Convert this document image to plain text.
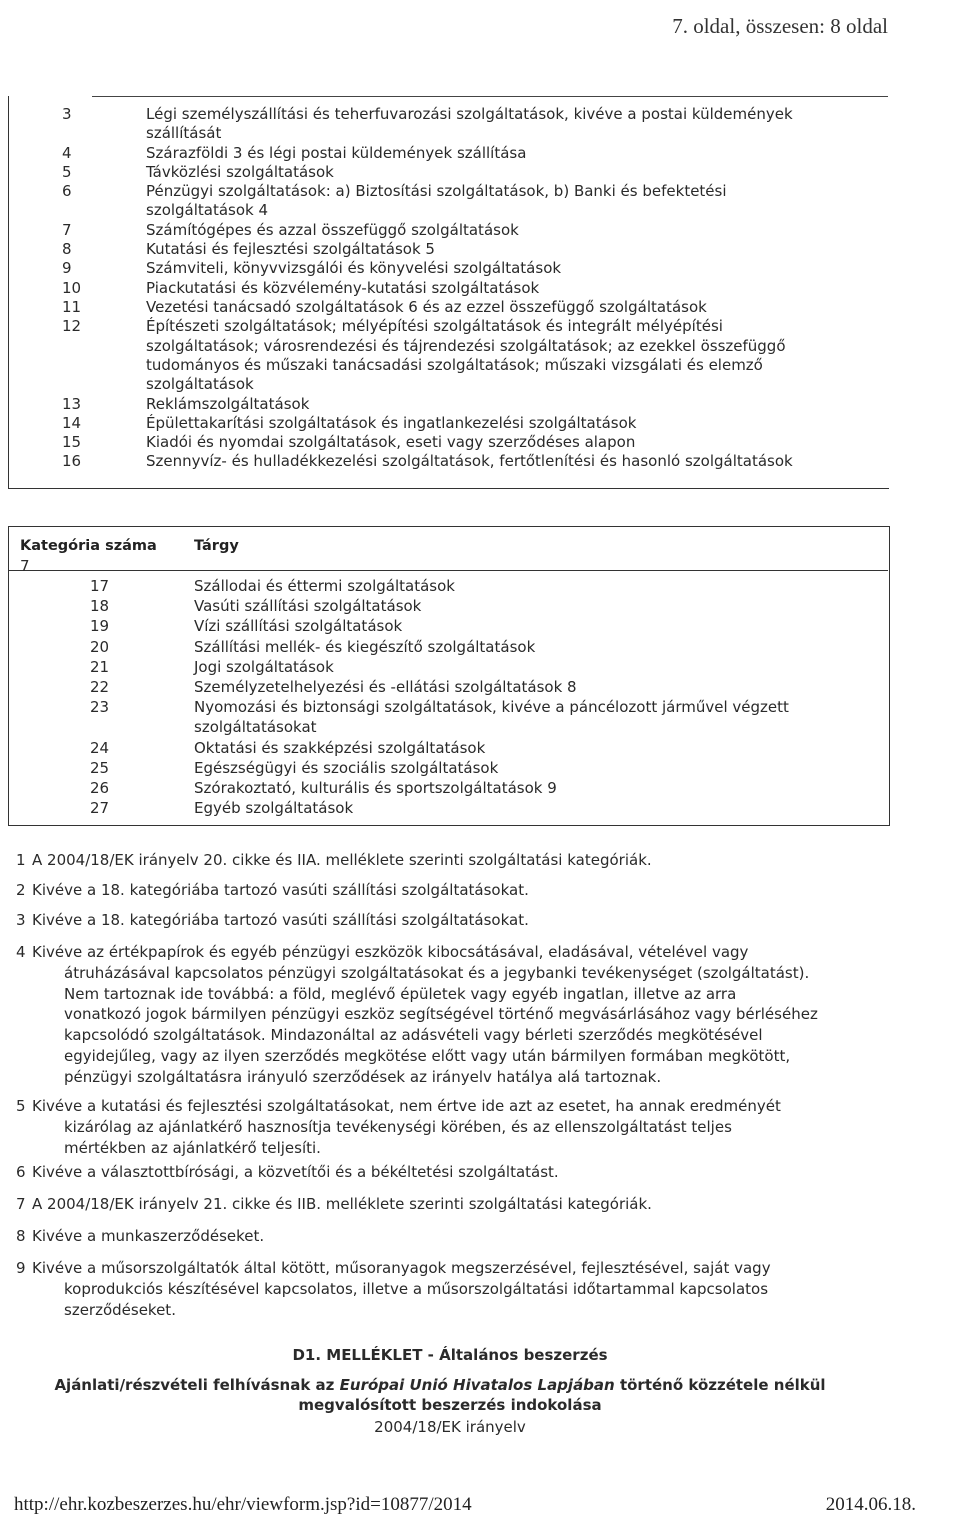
7. oldal, összesen: 8 oldal
3	Légi személyszállítási és teherfuvarozási szolgáltatások, kivéve a postai küldemények
szállítását
4	Szárazföldi 3 és légi postai küldemények szállítása
5	Távközlési szolgáltatások
6	Pénzügyi szolgáltatások: a) Biztosítási szolgáltatások, b) Banki és befektetési
szolgáltatások 4
7	Számítógépes és azzal összefüggő szolgáltatások
8	Kutatási és fejlesztési szolgáltatások 5
9	Számviteli, könyvvizsgálói és könyvelési szolgáltatások
10	Piackutatási és közvélemény-kutatási szolgáltatások
11	Vezetési tanácsadó szolgáltatások 6 és az ezzel összefüggő szolgáltatások
12	Építészeti szolgáltatások; mélyépítési szolgáltatások és integrált mélyépítési
szolgáltatások; városrendezési és tájrendezési szolgáltatások; az ezekkel összefüggő
tudományos és műszaki tanácsadási szolgáltatások; műszaki vizsgálati és elemző
szolgáltatások
13	Reklámszolgáltatások
14	Épülettakarítási szolgáltatások és ingatlankezelési szolgáltatások
15	Kiadói és nyomdai szolgáltatások, eseti vagy szerződéses alapon
16	Szennyvíz- és hulladékkezelési szolgáltatások, fertőtlenítési és hasonló szolgáltatások
Kategória száma	Tárgy
7
17	Szállodai és éttermi szolgáltatások
18	Vasúti szállítási szolgáltatások
19	Vízi szállítási szolgáltatások
20	Szállítási mellék- és kiegészítő szolgáltatások
21	Jogi szolgáltatások
22	Személyzetelhelyezési és -ellátási szolgáltatások 8
23	Nyomozási és biztonsági szolgáltatások, kivéve a páncélozott járművel végzett
szolgáltatásokat
24	Oktatási és szakképzési szolgáltatások
25	Egészségügyi és szociális szolgáltatások
26	Szórakoztató, kulturális és sportszolgáltatások 9
27	Egyéb szolgáltatások
1 A 2004/18/EK irányelv 20. cikke és IIA. melléklete szerinti szolgáltatási kategóriák.
2 Kivéve a 18. kategóriába tartozó vasúti szállítási szolgáltatásokat.
3 Kivéve a 18. kategóriába tartozó vasúti szállítási szolgáltatásokat.
4 Kivéve az értékpapírok és egyéb pénzügyi eszközök kibocsátásával, eladásával, vételével vagy
átruházásával kapcsolatos pénzügyi szolgáltatásokat és a jegybanki tevékenységet (szolgáltatást).
Nem tartoznak ide továbbá: a föld, meglévő épületek vagy egyéb ingatlan, illetve az arra
vonatkozó jogok bármilyen pénzügyi eszköz segítségével történő megvásárlásához vagy bérléséhez
kapcsolódó szolgáltatások. Mindazonáltal az adásvételi vagy bérleti szerződés megkötésével
egyidejűleg, vagy az ilyen szerződés megkötése előtt vagy után bármilyen formában megkötött,
pénzügyi szolgáltatásra irányuló szerződések az irányelv hatálya alá tartoznak.
5 Kivéve a kutatási és fejlesztési szolgáltatásokat, nem értve ide azt az esetet, ha annak eredményét
kizárólag az ajánlatkérő hasznosítja tevékenységi körében, és az ellenszolgáltatást teljes
mértékben az ajánlatkérő teljesíti.
6 Kivéve a választottbírósági, a közvetítői és a békéltetési szolgáltatást.
7 A 2004/18/EK irányelv 21. cikke és IIB. melléklete szerinti szolgáltatási kategóriák.
8 Kivéve a munkaszerződéseket.
9 Kivéve a műsorszolgáltatók által kötött, műsoranyagok megszerzésével, fejlesztésével, saját vagy
koprodukciós készítésével kapcsolatos, illetve a műsorszolgáltatási időtartammal kapcsolatos
szerződéseket.
D1. MELLÉKLET - Általános beszerzés
Ajánlati/részvételi felhívásnak az Európai Unió Hivatalos Lapjában történő közzétele nélkül
megvalósított beszerzés indokolása
2004/18/EK irányelv
http://ehr.kozbeszerzes.hu/ehr/viewform.jsp?id=10877/2014	2014.06.18.
